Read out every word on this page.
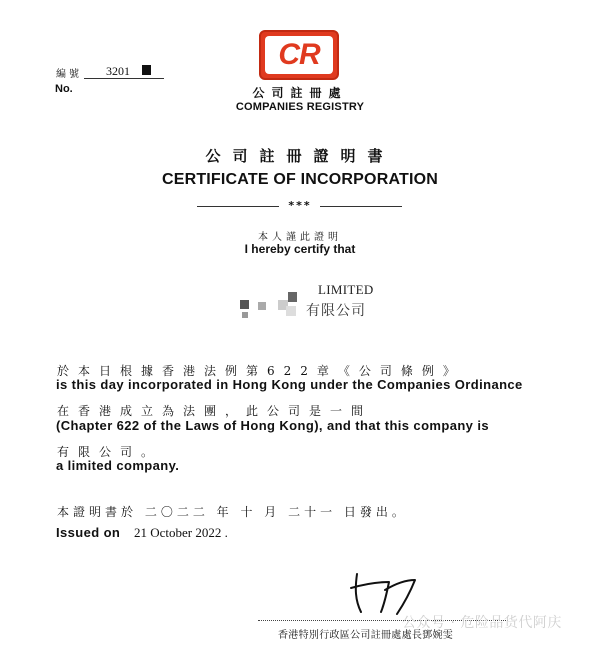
編號
No.
3201	CR
公司註冊處
COMPANIES REGISTRY
公司註冊證明書
CERTIFICATE OF INCORPORATION
***
本人謹此證明
I hereby certify that
LIMITED
有限公司
於本日根據香港法例第622章《公司條例》
is this day incorporated in Hong Kong under the Companies Ordinance
在香港成立為法團，此公司是一間
(Chapter 622 of the Laws of Hong Kong), and that this company is
有限公司。
a limited company.
本證明書於 二〇二二 年 十 月 二十一 日發出。
Issued on 21 October 2022 .
公众号 · 危险品货代阿庆
香港特別行政區公司註冊處處長鄧婉雯
